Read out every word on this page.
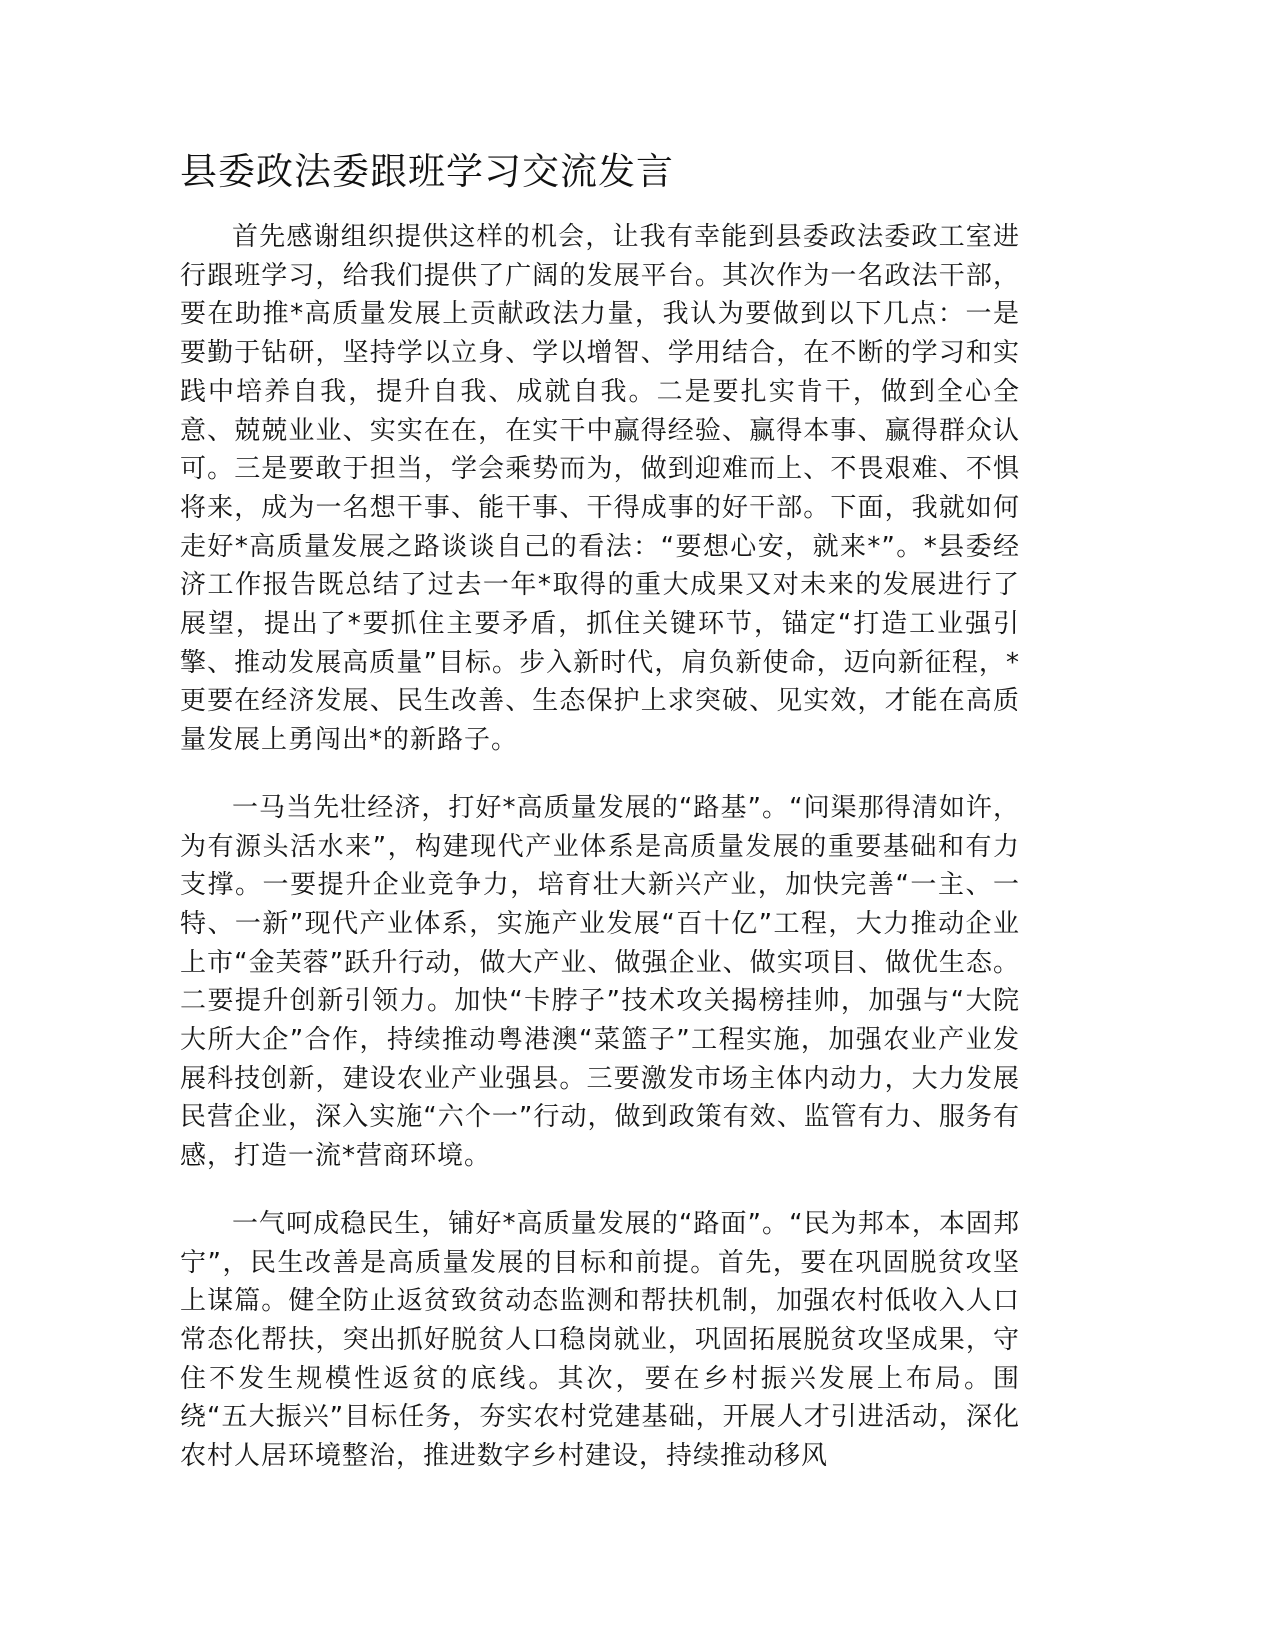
县委政法委跟班学习交流发言

首先感谢组织提供这样的机会，让我有幸能到县委政法委政工室进行跟班学习，给我们提供了广阔的发展平台。其次作为一名政法干部，要在助推*高质量发展上贡献政法力量，我认为要做到以下几点：一是要勤于钻研，坚持学以立身、学以增智、学用结合，在不断的学习和实践中培养自我，提升自我、成就自我。二是要扎实肯干，做到全心全意、兢兢业业、实实在在，在实干中赢得经验、赢得本事、赢得群众认可。三是要敢于担当，学会乘势而为，做到迎难而上、不畏艰难、不惧将来，成为一名想干事、能干事、干得成事的好干部。下面，我就如何走好*高质量发展之路谈谈自己的看法：“要想心安，就来*”。*县委经济工作报告既总结了过去一年*取得的重大成果又对未来的发展进行了展望，提出了*要抓住主要矛盾，抓住关键环节，锚定“打造工业强引擎、推动发展高质量”目标。步入新时代，肩负新使命，迈向新征程，*更要在经济发展、民生改善、生态保护上求突破、见实效，才能在高质量发展上勇闯出*的新路子。

一马当先壮经济，打好*高质量发展的“路基”。“问渠那得清如许，为有源头活水来”，构建现代产业体系是高质量发展的重要基础和有力支撑。一要提升企业竞争力，培育壮大新兴产业，加快完善“一主、一特、一新”现代产业体系，实施产业发展“百十亿”工程，大力推动企业上市“金芙蓉”跃升行动，做大产业、做强企业、做实项目、做优生态。二要提升创新引领力。加快“卡脖子”技术攻关揭榜挂帅，加强与“大院大所大企”合作，持续推动粤港澳“菜篮子”工程实施，加强农业产业发展科技创新，建设农业产业强县。三要激发市场主体内动力，大力发展民营企业，深入实施“六个一”行动，做到政策有效、监管有力、服务有感，打造一流*营商环境。

一气呵成稳民生，铺好*高质量发展的“路面”。“民为邦本，本固邦宁”，民生改善是高质量发展的目标和前提。首先，要在巩固脱贫攻坚上谋篇。健全防止返贫致贫动态监测和帮扶机制，加强农村低收入人口常态化帮扶，突出抓好脱贫人口稳岗就业，巩固拓展脱贫攻坚成果，守住不发生规模性返贫的底线。其次，要在乡村振兴发展上布局。围绕“五大振兴”目标任务，夯实农村党建基础，开展人才引进活动，深化农村人居环境整治，推进数字乡村建设，持续推动移风
